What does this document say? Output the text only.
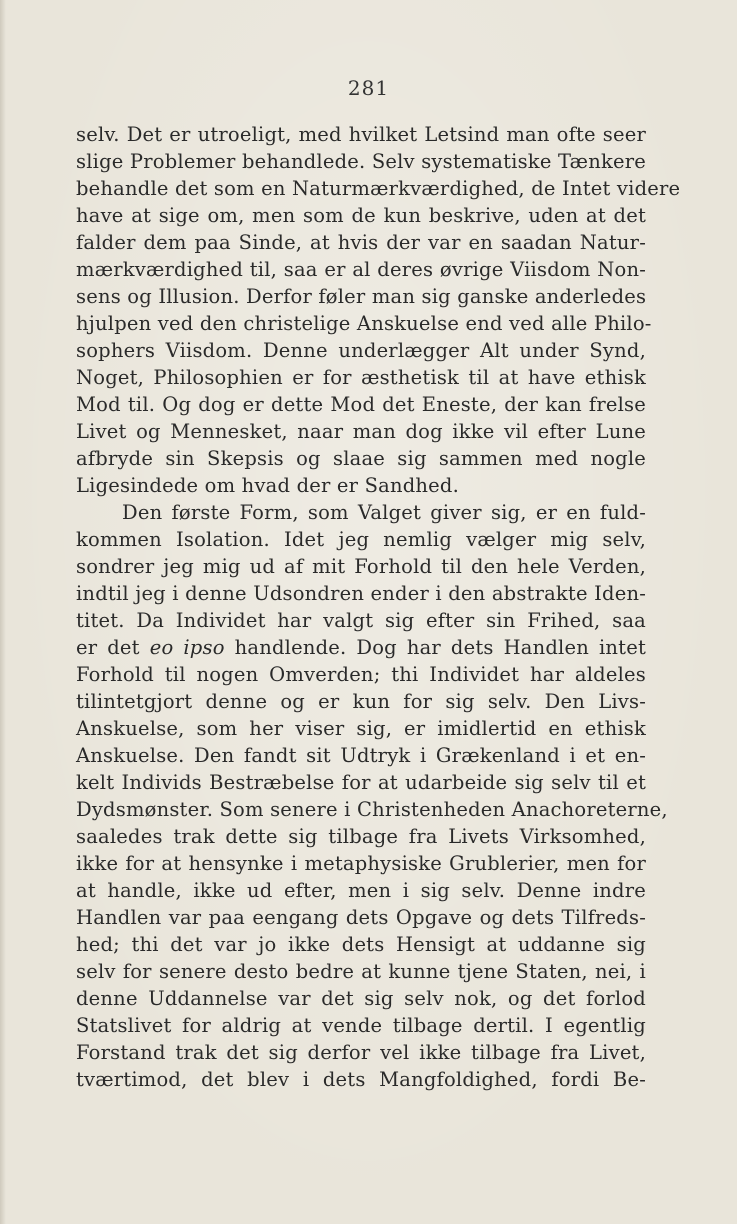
281
selv. Det er utroeligt, med hvilket Letsind man ofte seer
slige Problemer behandlede. Selv systematiske Tænkere
behandle det som en Naturmærkværdighed, de Intet videre
have at sige om, men som de kun beskrive, uden at det
falder dem paa Sinde, at hvis der var en saadan Natur-
mærkværdighed til, saa er al deres øvrige Viisdom Non-
sens og Illusion. Derfor føler man sig ganske anderledes
hjulpen ved den christelige Anskuelse end ved alle Philo-
sophers Viisdom. Denne underlægger Alt under Synd,
Noget, Philosophien er for æsthetisk til at have ethisk
Mod til. Og dog er dette Mod det Eneste, der kan frelse
Livet og Mennesket, naar man dog ikke vil efter Lune
afbryde sin Skepsis og slaae sig sammen med nogle
Ligesindede om hvad der er Sandhed.
Den første Form, som Valget giver sig, er en fuld-
kommen Isolation. Idet jeg nemlig vælger mig selv,
sondrer jeg mig ud af mit Forhold til den hele Verden,
indtil jeg i denne Udsondren ender i den abstrakte Iden-
titet. Da Individet har valgt sig efter sin Frihed, saa
er det eo ipso handlende. Dog har dets Handlen intet
Forhold til nogen Omverden; thi Individet har aldeles
tilintetgjort denne og er kun for sig selv. Den Livs-
Anskuelse, som her viser sig, er imidlertid en ethisk
Anskuelse. Den fandt sit Udtryk i Grækenland i et en-
kelt Individs Bestræbelse for at udarbeide sig selv til et
Dydsmønster. Som senere i Christenheden Anachoreterne,
saaledes trak dette sig tilbage fra Livets Virksomhed,
ikke for at hensynke i metaphysiske Grublerier, men for
at handle, ikke ud efter, men i sig selv. Denne indre
Handlen var paa eengang dets Opgave og dets Tilfreds-
hed; thi det var jo ikke dets Hensigt at uddanne sig
selv for senere desto bedre at kunne tjene Staten, nei, i
denne Uddannelse var det sig selv nok, og det forlod
Statslivet for aldrig at vende tilbage dertil. I egentlig
Forstand trak det sig derfor vel ikke tilbage fra Livet,
tværtimod, det blev i dets Mangfoldighed, fordi Be-
